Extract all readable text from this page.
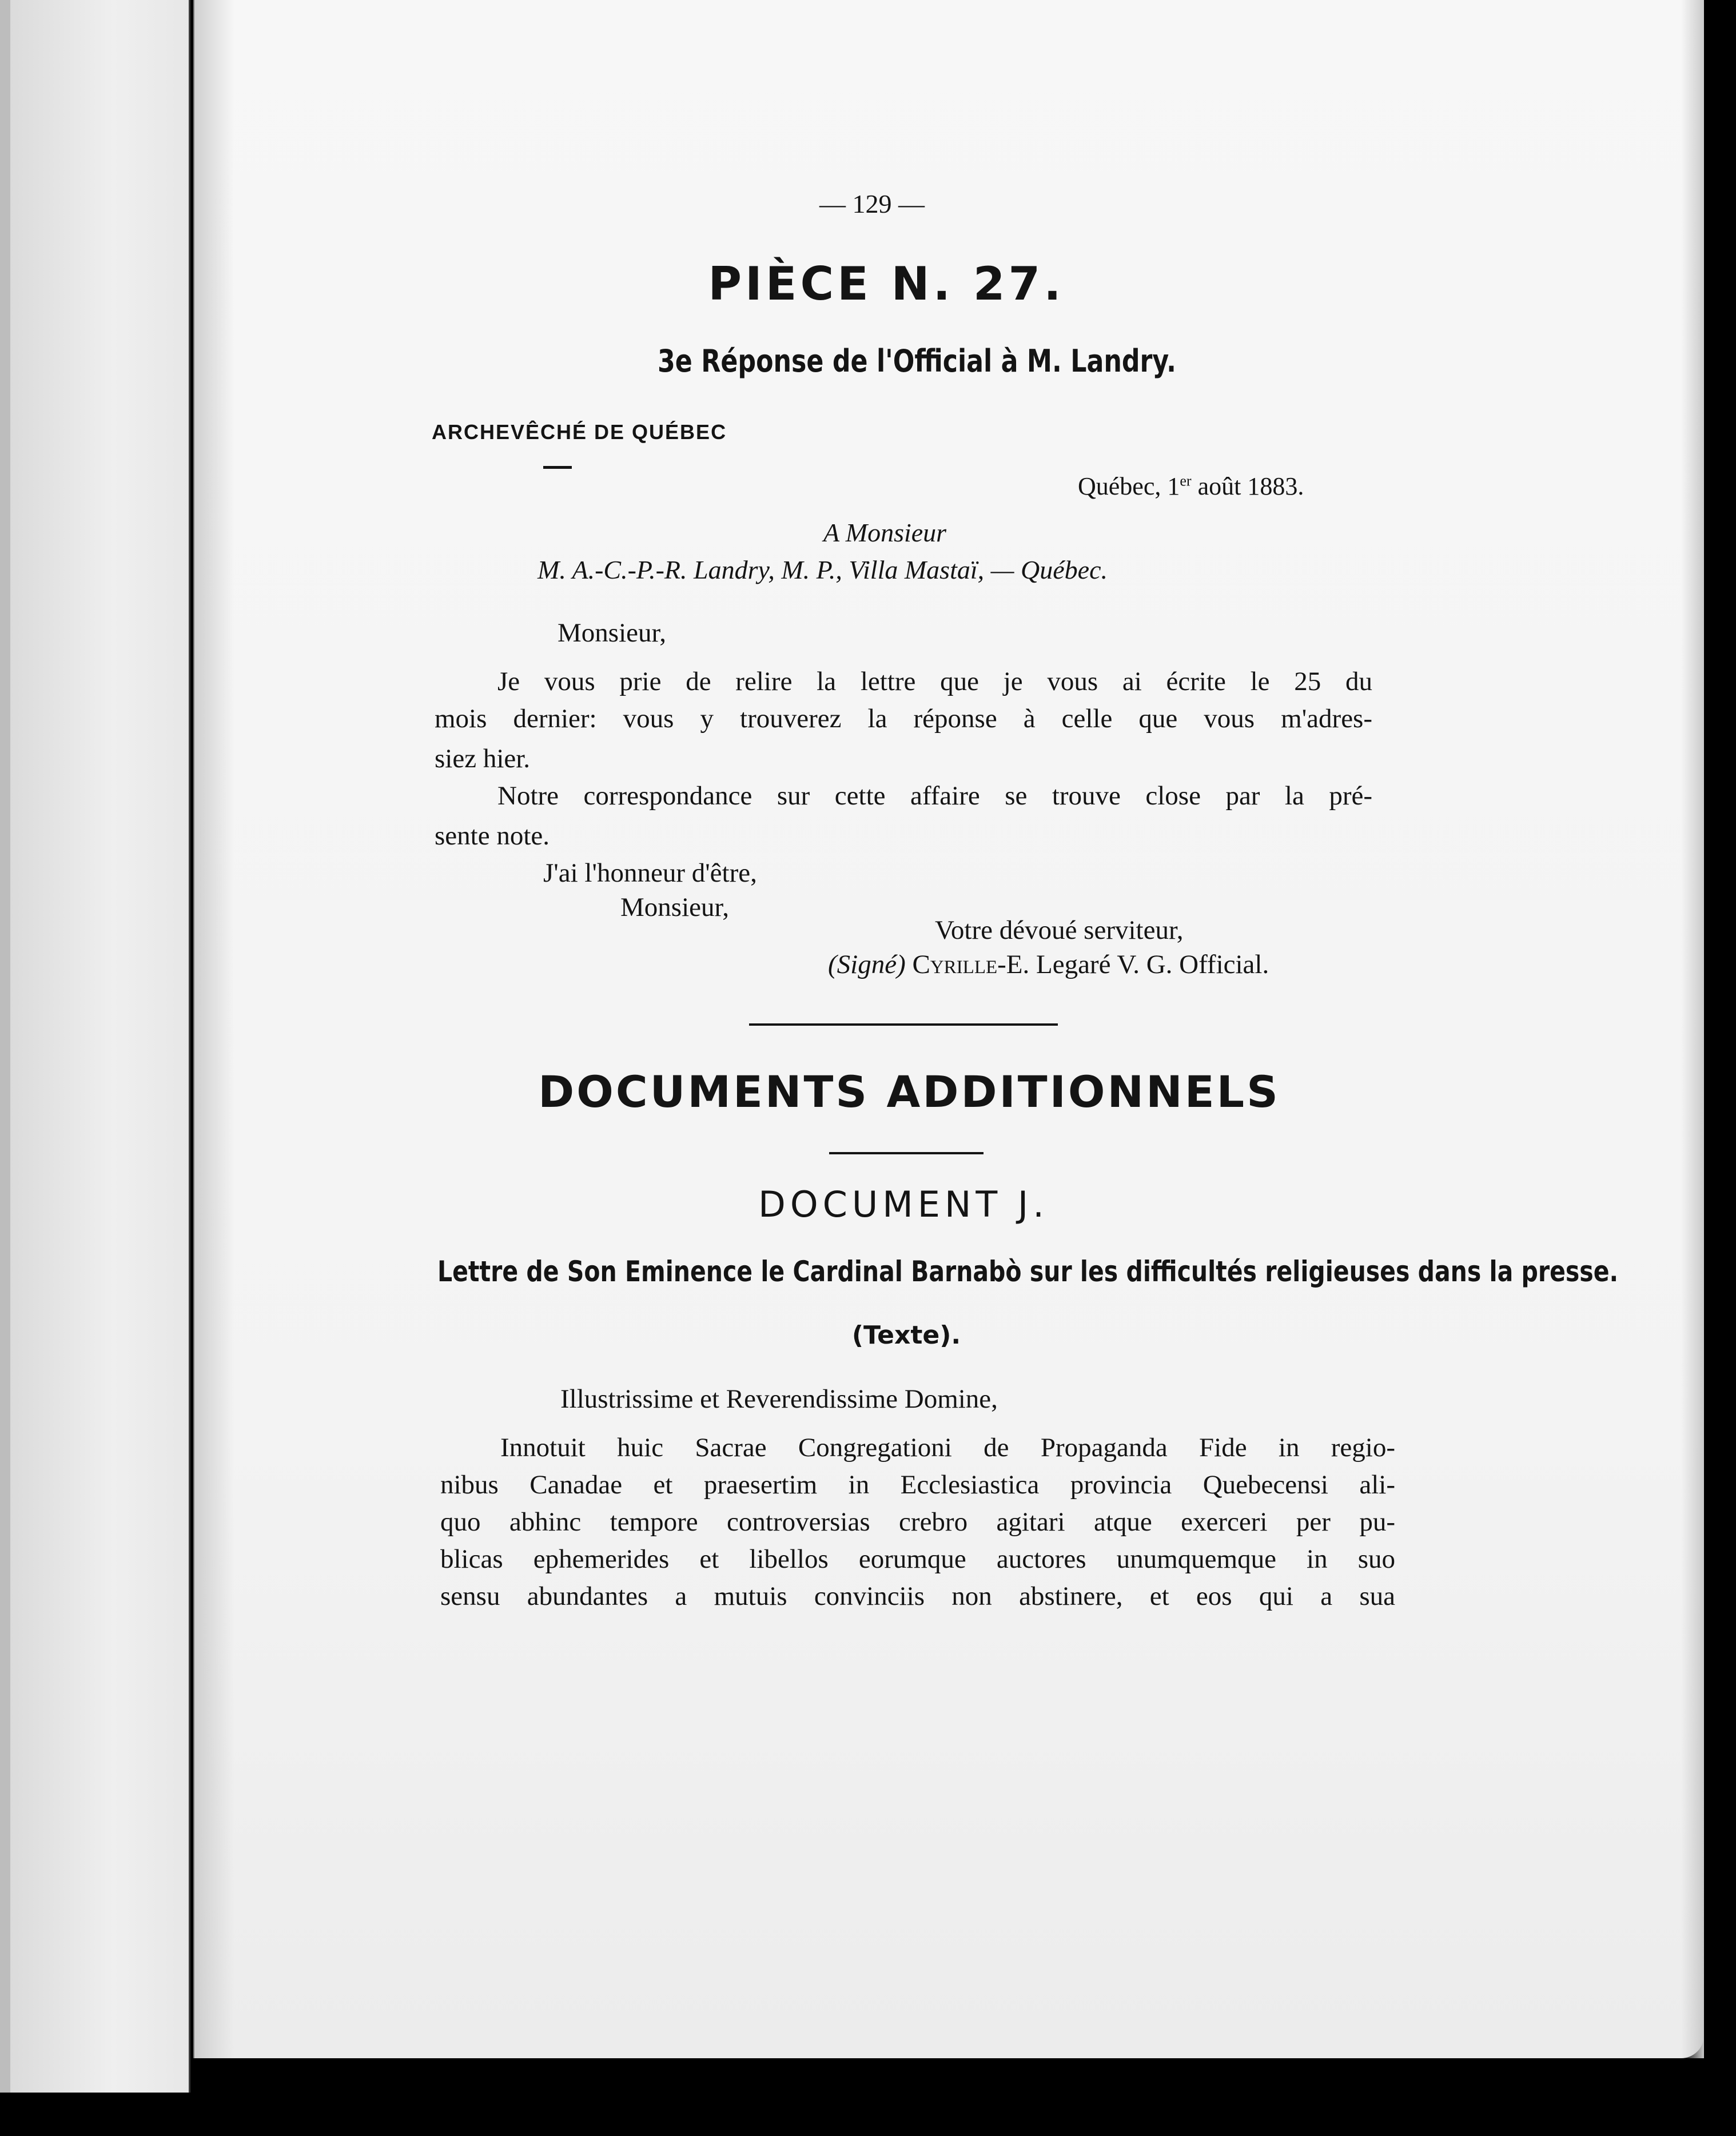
— 129 —
PIÈCE N. 27.
3e Réponse de l'Official à M. Landry.
ARCHEVÊCHÉ DE QUÉBEC
Québec, 1er août 1883.
A Monsieur
M. A.-C.-P.-R. Landry, M. P., Villa Mastaï, — Québec.
Monsieur,
Je vous prie de relire la lettre que je vous ai écrite le 25 du
mois dernier: vous y trouverez la réponse à celle que vous m'adres-
siez hier.
Notre correspondance sur cette affaire se trouve close par la pré-
sente note.
J'ai l'honneur d'être,
Monsieur,
Votre dévoué serviteur,
(Signé) Cyrille-E. Legaré V. G. Official.
DOCUMENTS ADDITIONNELS
DOCUMENT J.
Lettre de Son Eminence le Cardinal Barnabò sur les difficultés religieuses dans la presse.
(Texte).
Illustrissime et Reverendissime Domine,
Innotuit huic Sacrae Congregationi de Propaganda Fide in regio-
nibus Canadae et praesertim in Ecclesiastica provincia Quebecensi ali-
quo abhinc tempore controversias crebro agitari atque exerceri per pu-
blicas ephemerides et libellos eorumque auctores unumquemque in suo
sensu abundantes a mutuis convinciis non abstinere, et eos qui a sua
